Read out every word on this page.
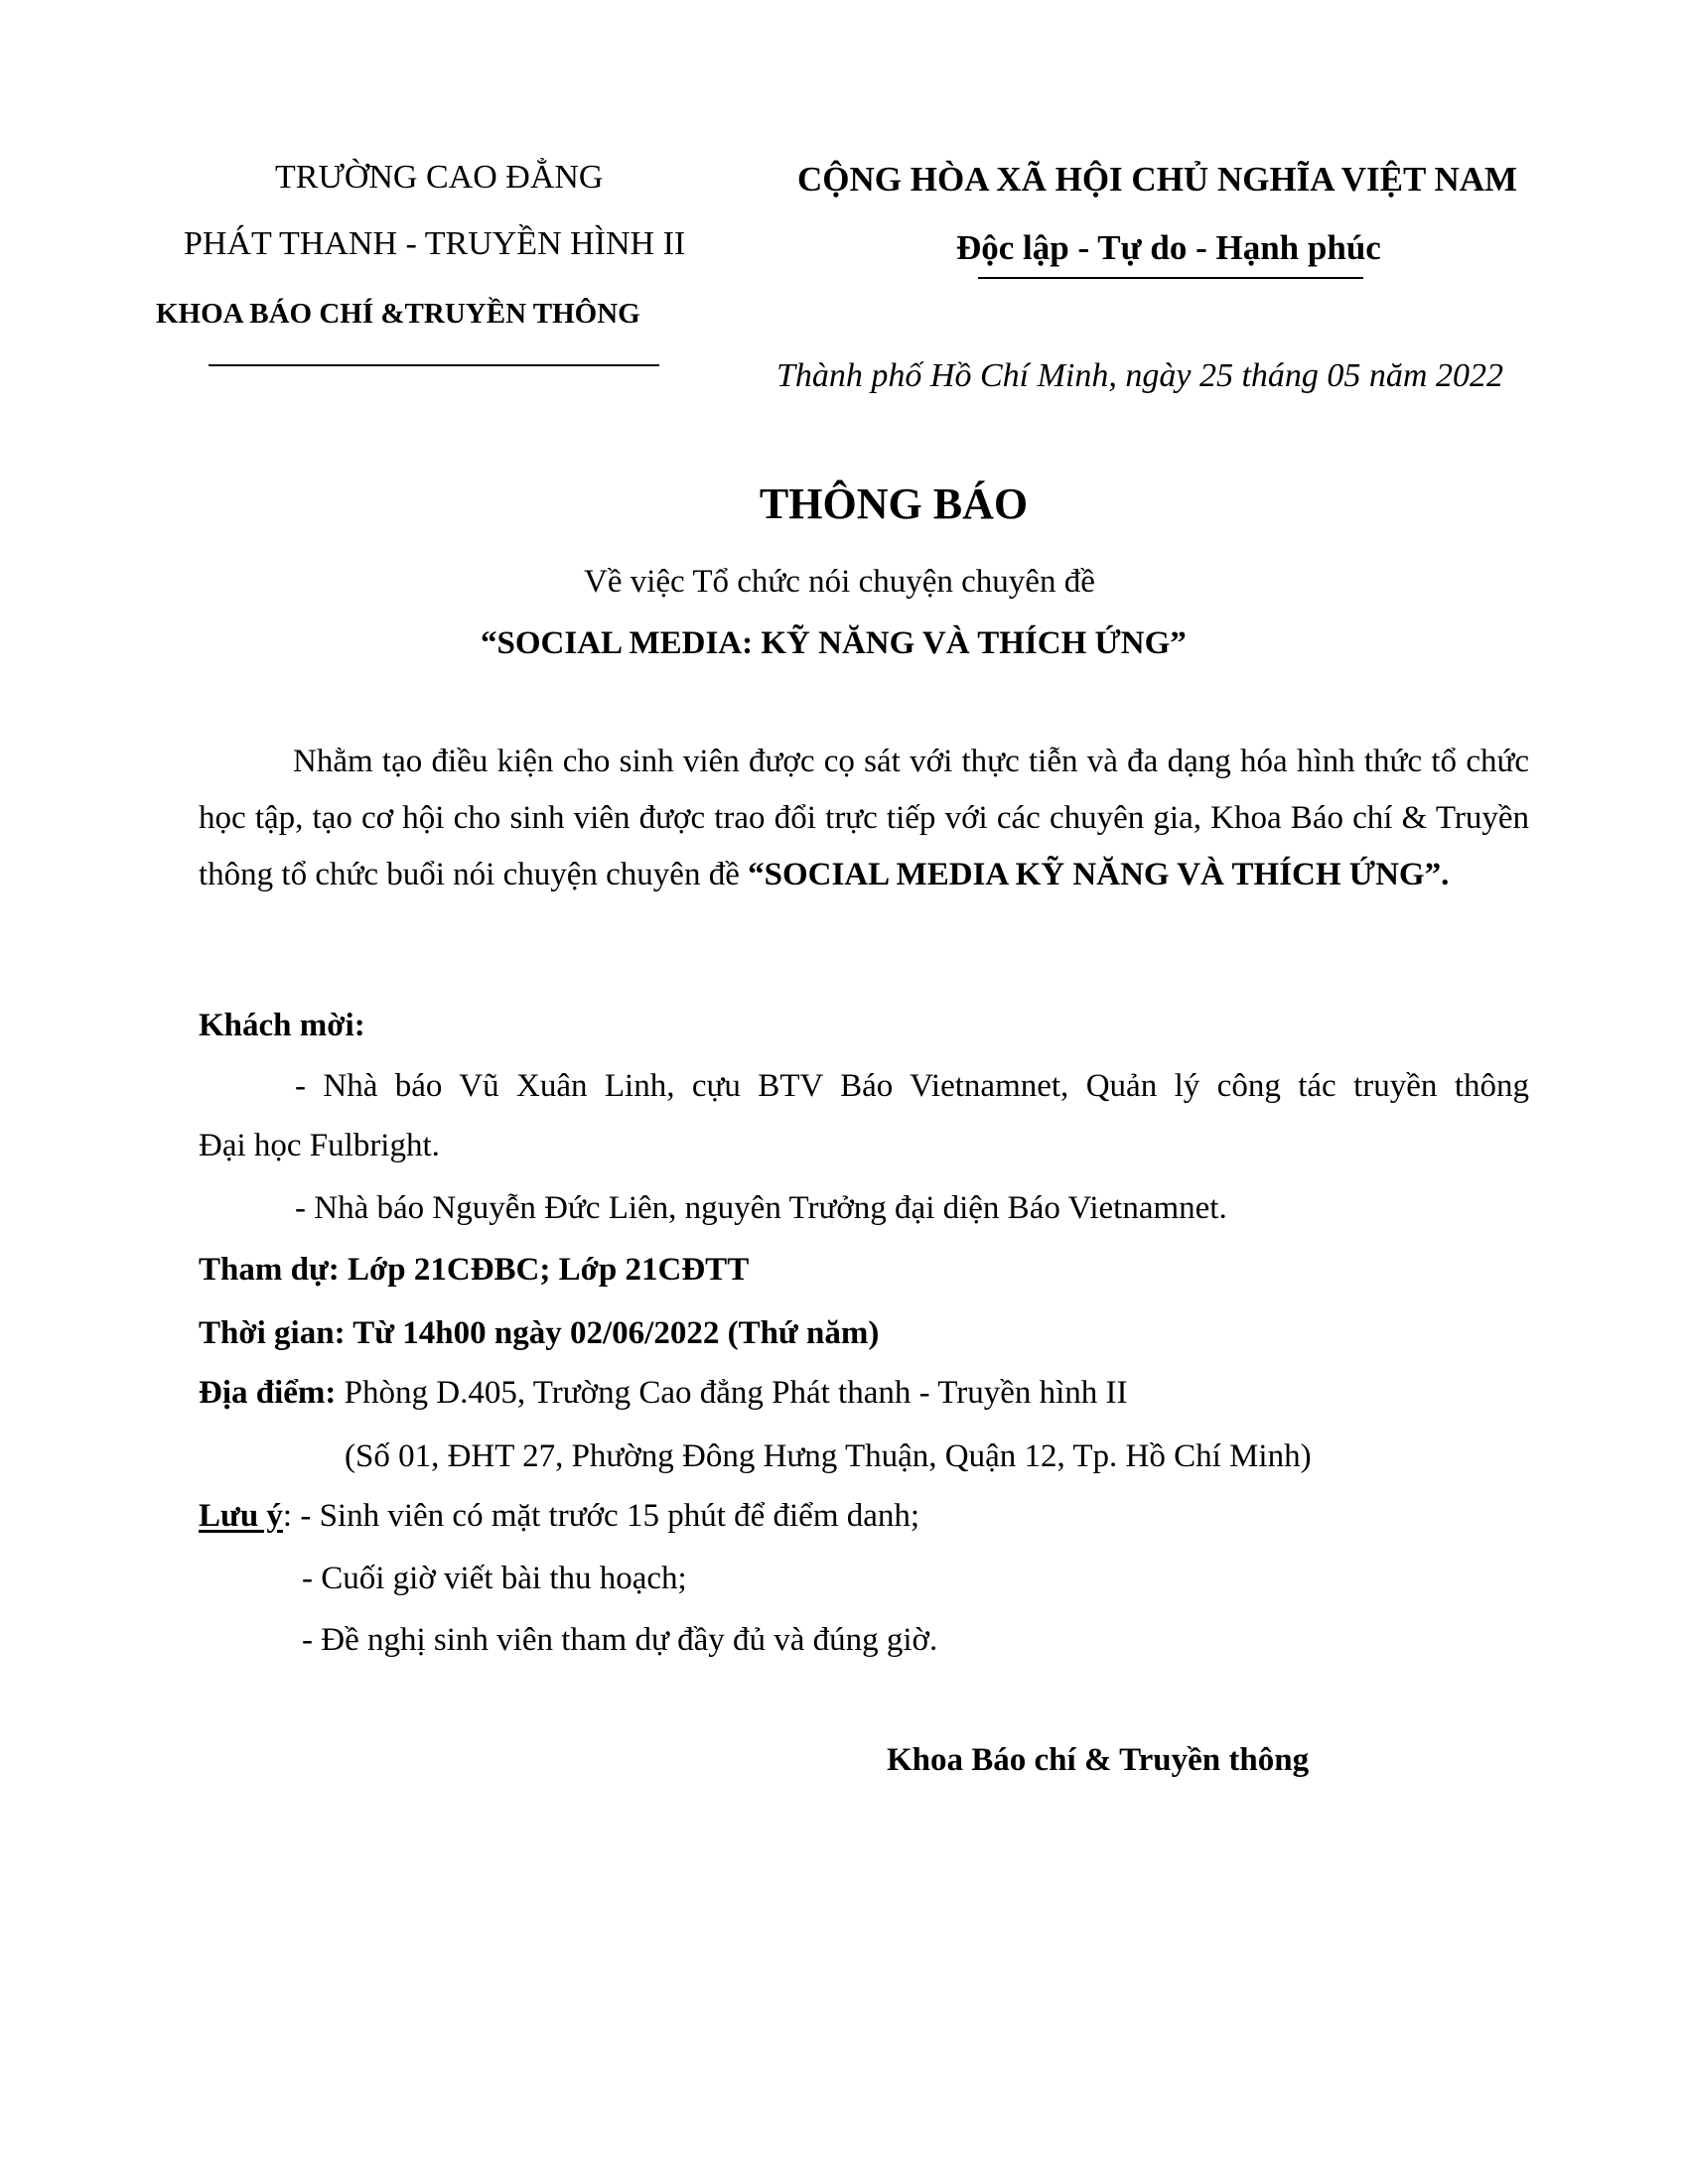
TRƯỜNG CAO ĐẲNG
PHÁT THANH - TRUYỀN HÌNH II
KHOA BÁO CHÍ &TRUYỀN THÔNG
CỘNG HÒA XÃ HỘI CHỦ NGHĨA VIỆT NAM
Độc lập - Tự do - Hạnh phúc
Thành phố Hồ Chí Minh, ngày 25 tháng 05 năm 2022
THÔNG BÁO
Về việc Tổ chức nói chuyện chuyên đề
“SOCIAL MEDIA: KỸ NĂNG VÀ THÍCH ỨNG”
Nhằm tạo điều kiện cho sinh viên được cọ sát với thực tiễn và đa dạng hóa hình thức tổ chức học tập, tạo cơ hội cho sinh viên được trao đổi trực tiếp với các chuyên gia, Khoa Báo chí & Truyền thông tổ chức buổi nói chuyện chuyên đề “SOCIAL MEDIA KỸ NĂNG VÀ THÍCH ỨNG”.
Khách mời:
- Nhà báo Vũ Xuân Linh, cựu BTV Báo Vietnamnet, Quản lý công tác truyền thông
Đại học Fulbright.
- Nhà báo Nguyễn Đức Liên, nguyên Trưởng đại diện Báo Vietnamnet.
Tham dự: Lớp 21CĐBC; Lớp 21CĐTT
Thời gian: Từ 14h00 ngày 02/06/2022 (Thứ năm)
Địa điểm: Phòng D.405, Trường Cao đẳng Phát thanh - Truyền hình II
(Số 01, ĐHT 27, Phường Đông Hưng Thuận, Quận 12, Tp. Hồ Chí Minh)
Lưu ý: - Sinh viên có mặt trước 15 phút để điểm danh;
- Cuối giờ viết bài thu hoạch;
- Đề nghị sinh viên tham dự đầy đủ và đúng giờ.
Khoa Báo chí & Truyền thông
